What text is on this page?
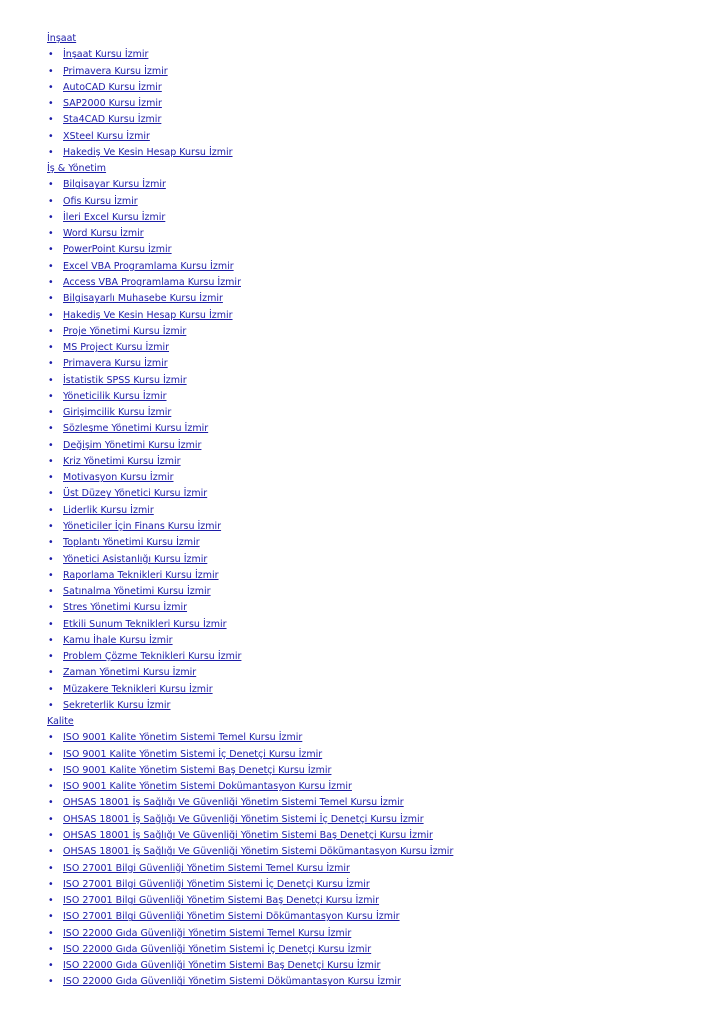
İnşaat
• İnşaat Kursu İzmir
• Primavera Kursu İzmir
• AutoCAD Kursu İzmir
• SAP2000 Kursu İzmir
• Sta4CAD Kursu İzmir
• XSteel Kursu İzmir
• Hakediş Ve Kesin Hesap Kursu İzmir
İş & Yönetim
• Bilgisayar Kursu İzmir
• Ofis Kursu İzmir
• İleri Excel Kursu İzmir
• Word Kursu İzmir
• PowerPoint Kursu İzmir
• Excel VBA Programlama Kursu İzmir
• Access VBA Programlama Kursu İzmir
• Bilgisayarlı Muhasebe Kursu İzmir
• Hakediş Ve Kesin Hesap Kursu İzmir
• Proje Yönetimi Kursu İzmir
• MS Project Kursu İzmir
• Primavera Kursu İzmir
• İstatistik SPSS Kursu İzmir
• Yöneticilik Kursu İzmir
• Girişimcilik Kursu İzmir
• Sözleşme Yönetimi Kursu İzmir
• Değişim Yönetimi Kursu İzmir
• Kriz Yönetimi Kursu İzmir
• Motivasyon Kursu İzmir
• Üst Düzey Yönetici Kursu İzmir
• Liderlik Kursu İzmir
• Yöneticiler İçin Finans Kursu İzmir
• Toplantı Yönetimi Kursu İzmir
• Yönetici Asistanlığı Kursu İzmir
• Raporlama Teknikleri Kursu İzmir
• Satınalma Yönetimi Kursu İzmir
• Stres Yönetimi Kursu İzmir
• Etkili Sunum Teknikleri Kursu İzmir
• Kamu İhale Kursu İzmir
• Problem Çözme Teknikleri Kursu İzmir
• Zaman Yönetimi Kursu İzmir
• Müzakere Teknikleri Kursu İzmir
• Sekreterlik Kursu İzmir
Kalite
• ISO 9001 Kalite Yönetim Sistemi Temel Kursu İzmir
• ISO 9001 Kalite Yönetim Sistemi İç Denetçi Kursu İzmir
• ISO 9001 Kalite Yönetim Sistemi Baş Denetçi Kursu İzmir
• ISO 9001 Kalite Yönetim Sistemi Dokümantasyon Kursu İzmir
• OHSAS 18001 İş Sağlığı Ve Güvenliği Yönetim Sistemi Temel Kursu İzmir
• OHSAS 18001 İş Sağlığı Ve Güvenliği Yönetim Sistemi İç Denetçi Kursu İzmir
• OHSAS 18001 İş Sağlığı Ve Güvenliği Yönetim Sistemi Baş Denetçi Kursu İzmir
• OHSAS 18001 İş Sağlığı Ve Güvenliği Yönetim Sistemi Dökümantasyon Kursu İzmir
• ISO 27001 Bilgi Güvenliği Yönetim Sistemi Temel Kursu İzmir
• ISO 27001 Bilgi Güvenliği Yönetim Sistemi İç Denetçi Kursu İzmir
• ISO 27001 Bilgi Güvenliği Yönetim Sistemi Baş Denetçi Kursu İzmir
• ISO 27001 Bilgi Güvenliği Yönetim Sistemi Dökümantasyon Kursu İzmir
• ISO 22000 Gıda Güvenliği Yönetim Sistemi Temel Kursu İzmir
• ISO 22000 Gıda Güvenliği Yönetim Sistemi İç Denetçi Kursu İzmir
• ISO 22000 Gıda Güvenliği Yönetim Sistemi Baş Denetçi Kursu İzmir
• ISO 22000 Gıda Güvenliği Yönetim Sistemi Dökümantasyon Kursu İzmir
